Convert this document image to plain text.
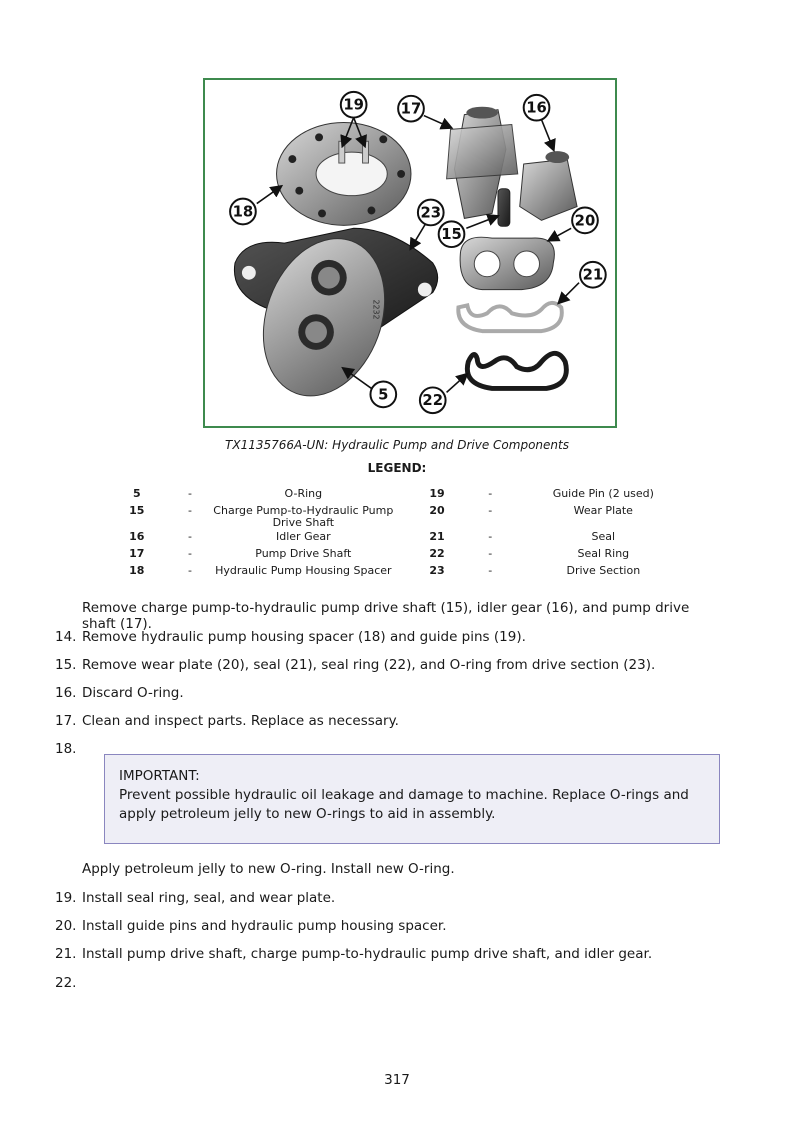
2232
19 17	16
18	23
15
20
21
5 22
TX1135766A-UN: Hydraulic Pump and Drive Components
LEGEND:
5	-	O-Ring	19	-	Guide Pin (2 used)
15	-	Charge Pump-to-Hydraulic Pump Drive Shaft	20	-	Wear Plate
16	-	Idler Gear	21	-	Seal
17	-	Pump Drive Shaft	22	-	Seal Ring
18	-	Hydraulic Pump Housing Spacer	23	-	Drive Section
Remove charge pump-to-hydraulic pump drive shaft (15), idler gear (16), and pump drive shaft (17).
14. Remove hydraulic pump housing spacer (18) and guide pins (19).
15. Remove wear plate (20), seal (21), seal ring (22), and O-ring from drive section (23).
16. Discard O-ring.
17. Clean and inspect parts. Replace as necessary.
18.
IMPORTANT:
Prevent possible hydraulic oil leakage and damage to machine. Replace O-rings and apply petroleum jelly to new O-rings to aid in assembly.
Apply petroleum jelly to new O-ring. Install new O-ring.
19. Install seal ring, seal, and wear plate.
20. Install guide pins and hydraulic pump housing spacer.
21. Install pump drive shaft, charge pump-to-hydraulic pump drive shaft, and idler gear.
22.
317
